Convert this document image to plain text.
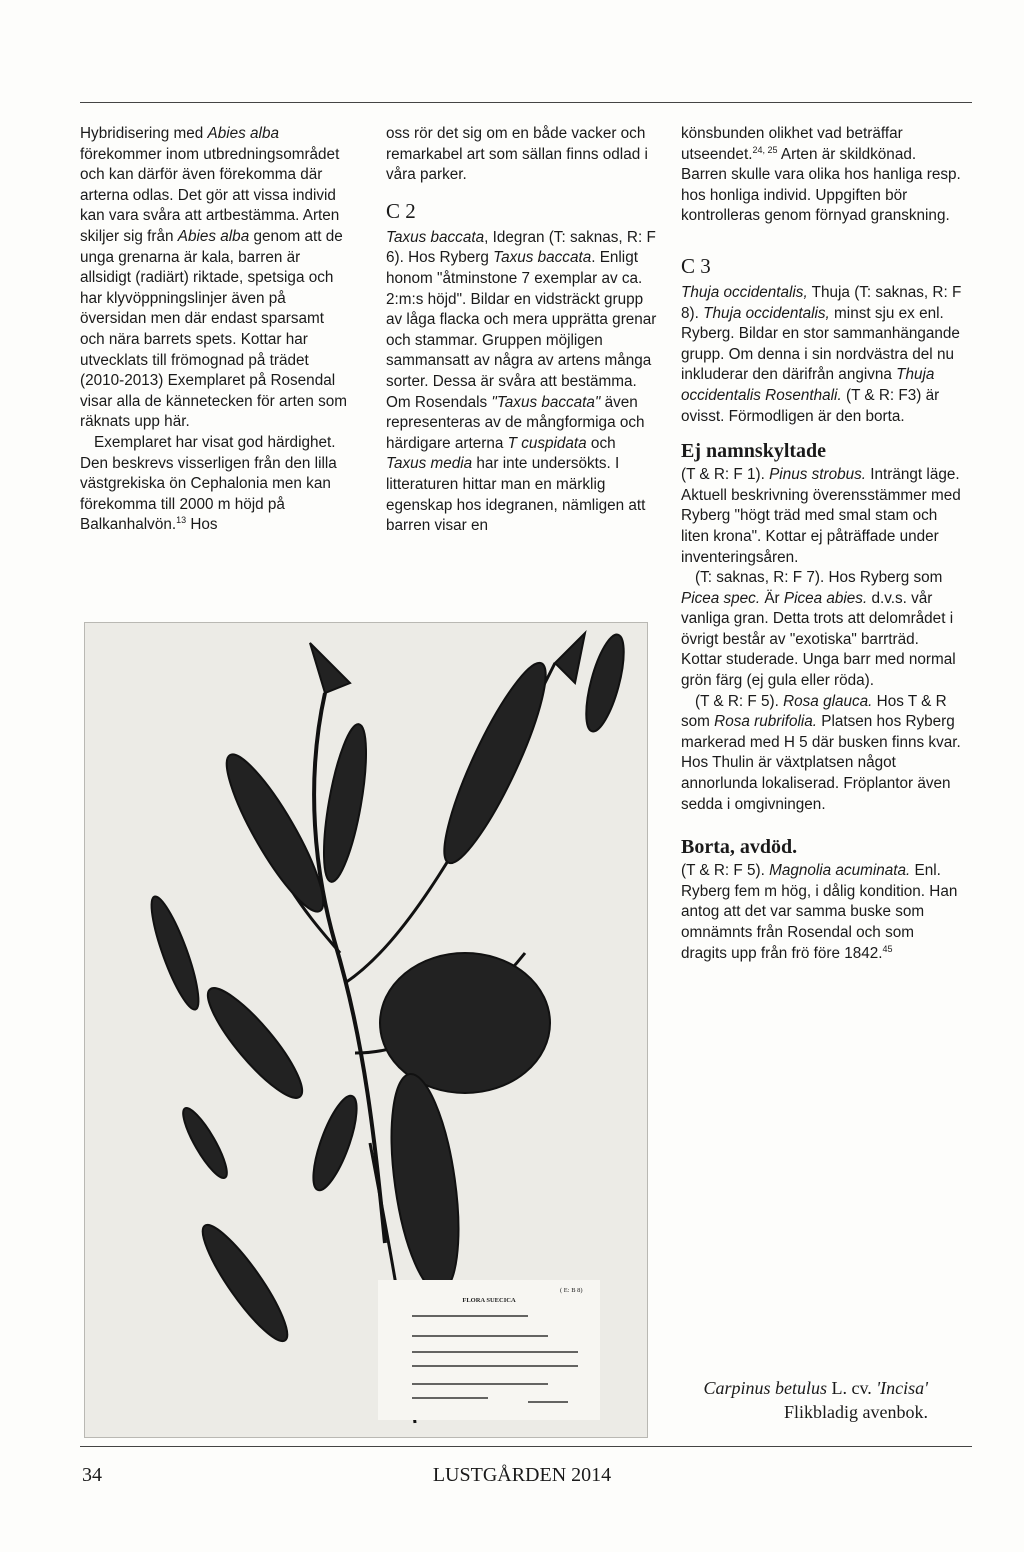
Hybridisering med Abies alba förekommer inom utbredningsområdet och kan därför även förekomma där arterna odlas. Det gör att vissa individ kan vara svåra att artbestämma. Arten skiljer sig från Abies alba genom att de unga grenarna är kala, barren är allsidigt (radiärt) riktade, spetsiga och har klyvöppningslinjer även på översidan men där endast sparsamt och nära barrets spets. Kottar har utvecklats till frömognad på trädet (2010-2013) Exemplaret på Rosendal visar alla de kännetecken för arten som räknats upp här.

Exemplaret har visat god härdighet. Den beskrevs visserligen från den lilla västgrekiska ön Cephalonia men kan förekomma till 2000 m höjd på Balkanhalvön.$^{13}$ Hos

oss rör det sig om en både vacker och remarkabel art som sällan finns odlad i våra parker.

C 2

Taxus baccata, Idegran (T: saknas, R: F 6). Hos Ryberg Taxus baccata. Enligt honom "åtminstone 7 exemplar av ca. 2:m:s höjd". Bildar en vidsträckt grupp av låga flacka och mera upprätta grenar och stammar. Gruppen möjligen sammansatt av några av artens många sorter. Dessa är svåra att bestämma. Om Rosendals "Taxus baccata" även representeras av de mångformiga och härdigare arterna T cuspidata och Taxus media har inte undersökts. I litteraturen hittar man en märklig egenskap hos idegranen, nämligen att barren visar en

könsbunden olikhet vad beträffar utseendet.$^{24, 25}$ Arten är skildkönad. Barren skulle vara olika hos hanliga resp. hos honliga individ. Uppgiften bör kontrolleras genom förnyad granskning.

C 3

Thuja occidentalis, Thuja (T: saknas, R: F 8). Thuja occidentalis, minst sju ex enl. Ryberg. Bildar en stor sammanhängande grupp. Om denna i sin nordvästra del nu inkluderar den därifrån angivna Thuja occidentalis Rosenthali. (T & R: F3) är ovisst. Förmodligen är den borta.

Ej namnskyltade

(T & R: F 1). Pinus strobus. Inträngt läge. Aktuell beskrivning överensstämmer med Ryberg "högt träd med smal stam och liten krona". Kottar ej påträffade under inventeringsåren.

(T: saknas, R: F 7). Hos Ryberg som Picea spec. Är Picea abies. d.v.s. vår vanliga gran. Detta trots att delområdet i övrigt består av "exotiska" barrträd. Kottar studerade. Unga barr med normal grön färg (ej gula eller röda).

(T & R: F 5). Rosa glauca. Hos T & R som Rosa rubrifolia. Platsen hos Ryberg markerad med H 5 där busken finns kvar. Hos Thulin är växtplatsen något annorlunda lokaliserad. Fröplantor även sedda i omgivningen.

Borta, avdöd.

(T & R: F 5). Magnolia acuminata. Enl. Ryberg fem m hög, i dålig kondition. Han antog att det var samma buske som omnämnts från Rosendal och som dragits upp från frö före 1842.45

( E: B 8)
FLORA SUECICA
Carpinus betulus L. cv. 'Incisa'
Flikbladig avenbok.
34	LUSTGÅRDEN 2014
